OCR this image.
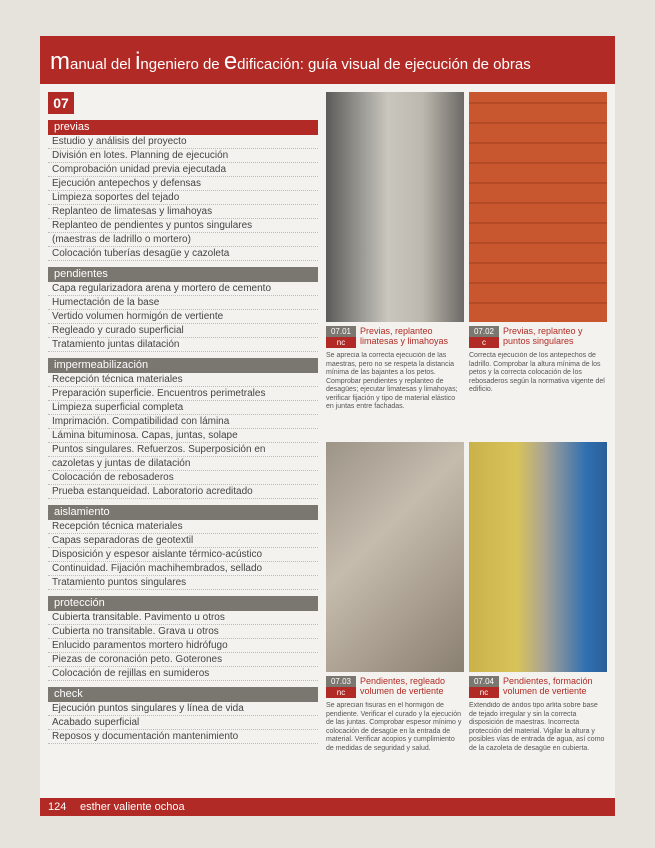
manual del ingeniero de edificación: guía visual de ejecución de obras
07
previas
Estudio y análisis del proyecto
División en lotes. Planning de ejecución
Comprobación unidad previa ejecutada
Ejecución antepechos y defensas
Limpieza soportes del tejado
Replanteo de limatesas y limahoyas
Replanteo de pendientes y puntos singulares
(maestras de ladrillo o mortero)
Colocación tuberías desagüe y cazoleta
pendientes
Capa regularizadora arena y mortero de cemento
Humectación de la base
Vertido volumen hormigón de vertiente
Regleado y curado superficial
Tratamiento juntas dilatación
impermeabilización
Recepción técnica materiales
Preparación superficie. Encuentros perimetrales
Limpieza superficial completa
Imprimación. Compatibilidad con lámina
Lámina bituminosa. Capas, juntas, solape
Puntos singulares. Refuerzos. Superposición en
cazoletas y juntas de dilatación
Colocación de rebosaderos
Prueba estanqueidad. Laboratorio acreditado
aislamiento
Recepción técnica materiales
Capas separadoras de geotextil
Disposición y espesor aislante térmico-acústico
Continuidad. Fijación machihembrados, sellado
Tratamiento puntos singulares
protección
Cubierta transitable. Pavimento u otros
Cubierta no transitable. Grava u otros
Enlucido paramentos mortero hidrófugo
Piezas de coronación peto. Goterones
Colocación de rejillas en sumideros
check
Ejecución puntos singulares y línea de vida
Acabado superficial
Reposos y documentación mantenimiento
07.01
nc
Previas, replanteo limatesas y limahoyas
Se aprecia la correcta ejecución de las maestras, pero no se respeta la distancia mínima de las bajantes a los petos. Comprobar pendientes y replanteo de desagües; ejecutar limatesas y limahoyas; verificar fijación y tipo de material elástico en juntas entre fachadas.
07.02
c
Previas, replanteo y puntos singulares
Correcta ejecución de los antepechos de ladrillo. Comprobar la altura mínima de los petos y la correcta colocación de los rebosaderos según la normativa vigente del edificio.
07.03
nc
Pendientes, regleado volumen de vertiente
Se aprecian fisuras en el hormigón de pendiente. Verificar el curado y la ejecución de las juntas. Comprobar espesor mínimo y colocación de desagüe en la entrada de material. Verificar acopios y cumplimiento de medidas de seguridad y salud.
07.04
nc
Pendientes, formación volumen de vertiente
Extendido de áridos tipo arlita sobre base de tejado irregular y sin la correcta disposición de maestras. Incorrecta protección del material. Vigilar la altura y posibles vías de entrada de agua, así como de la cazoleta de desagüe en cubierta.
124 esther valiente ochoa
